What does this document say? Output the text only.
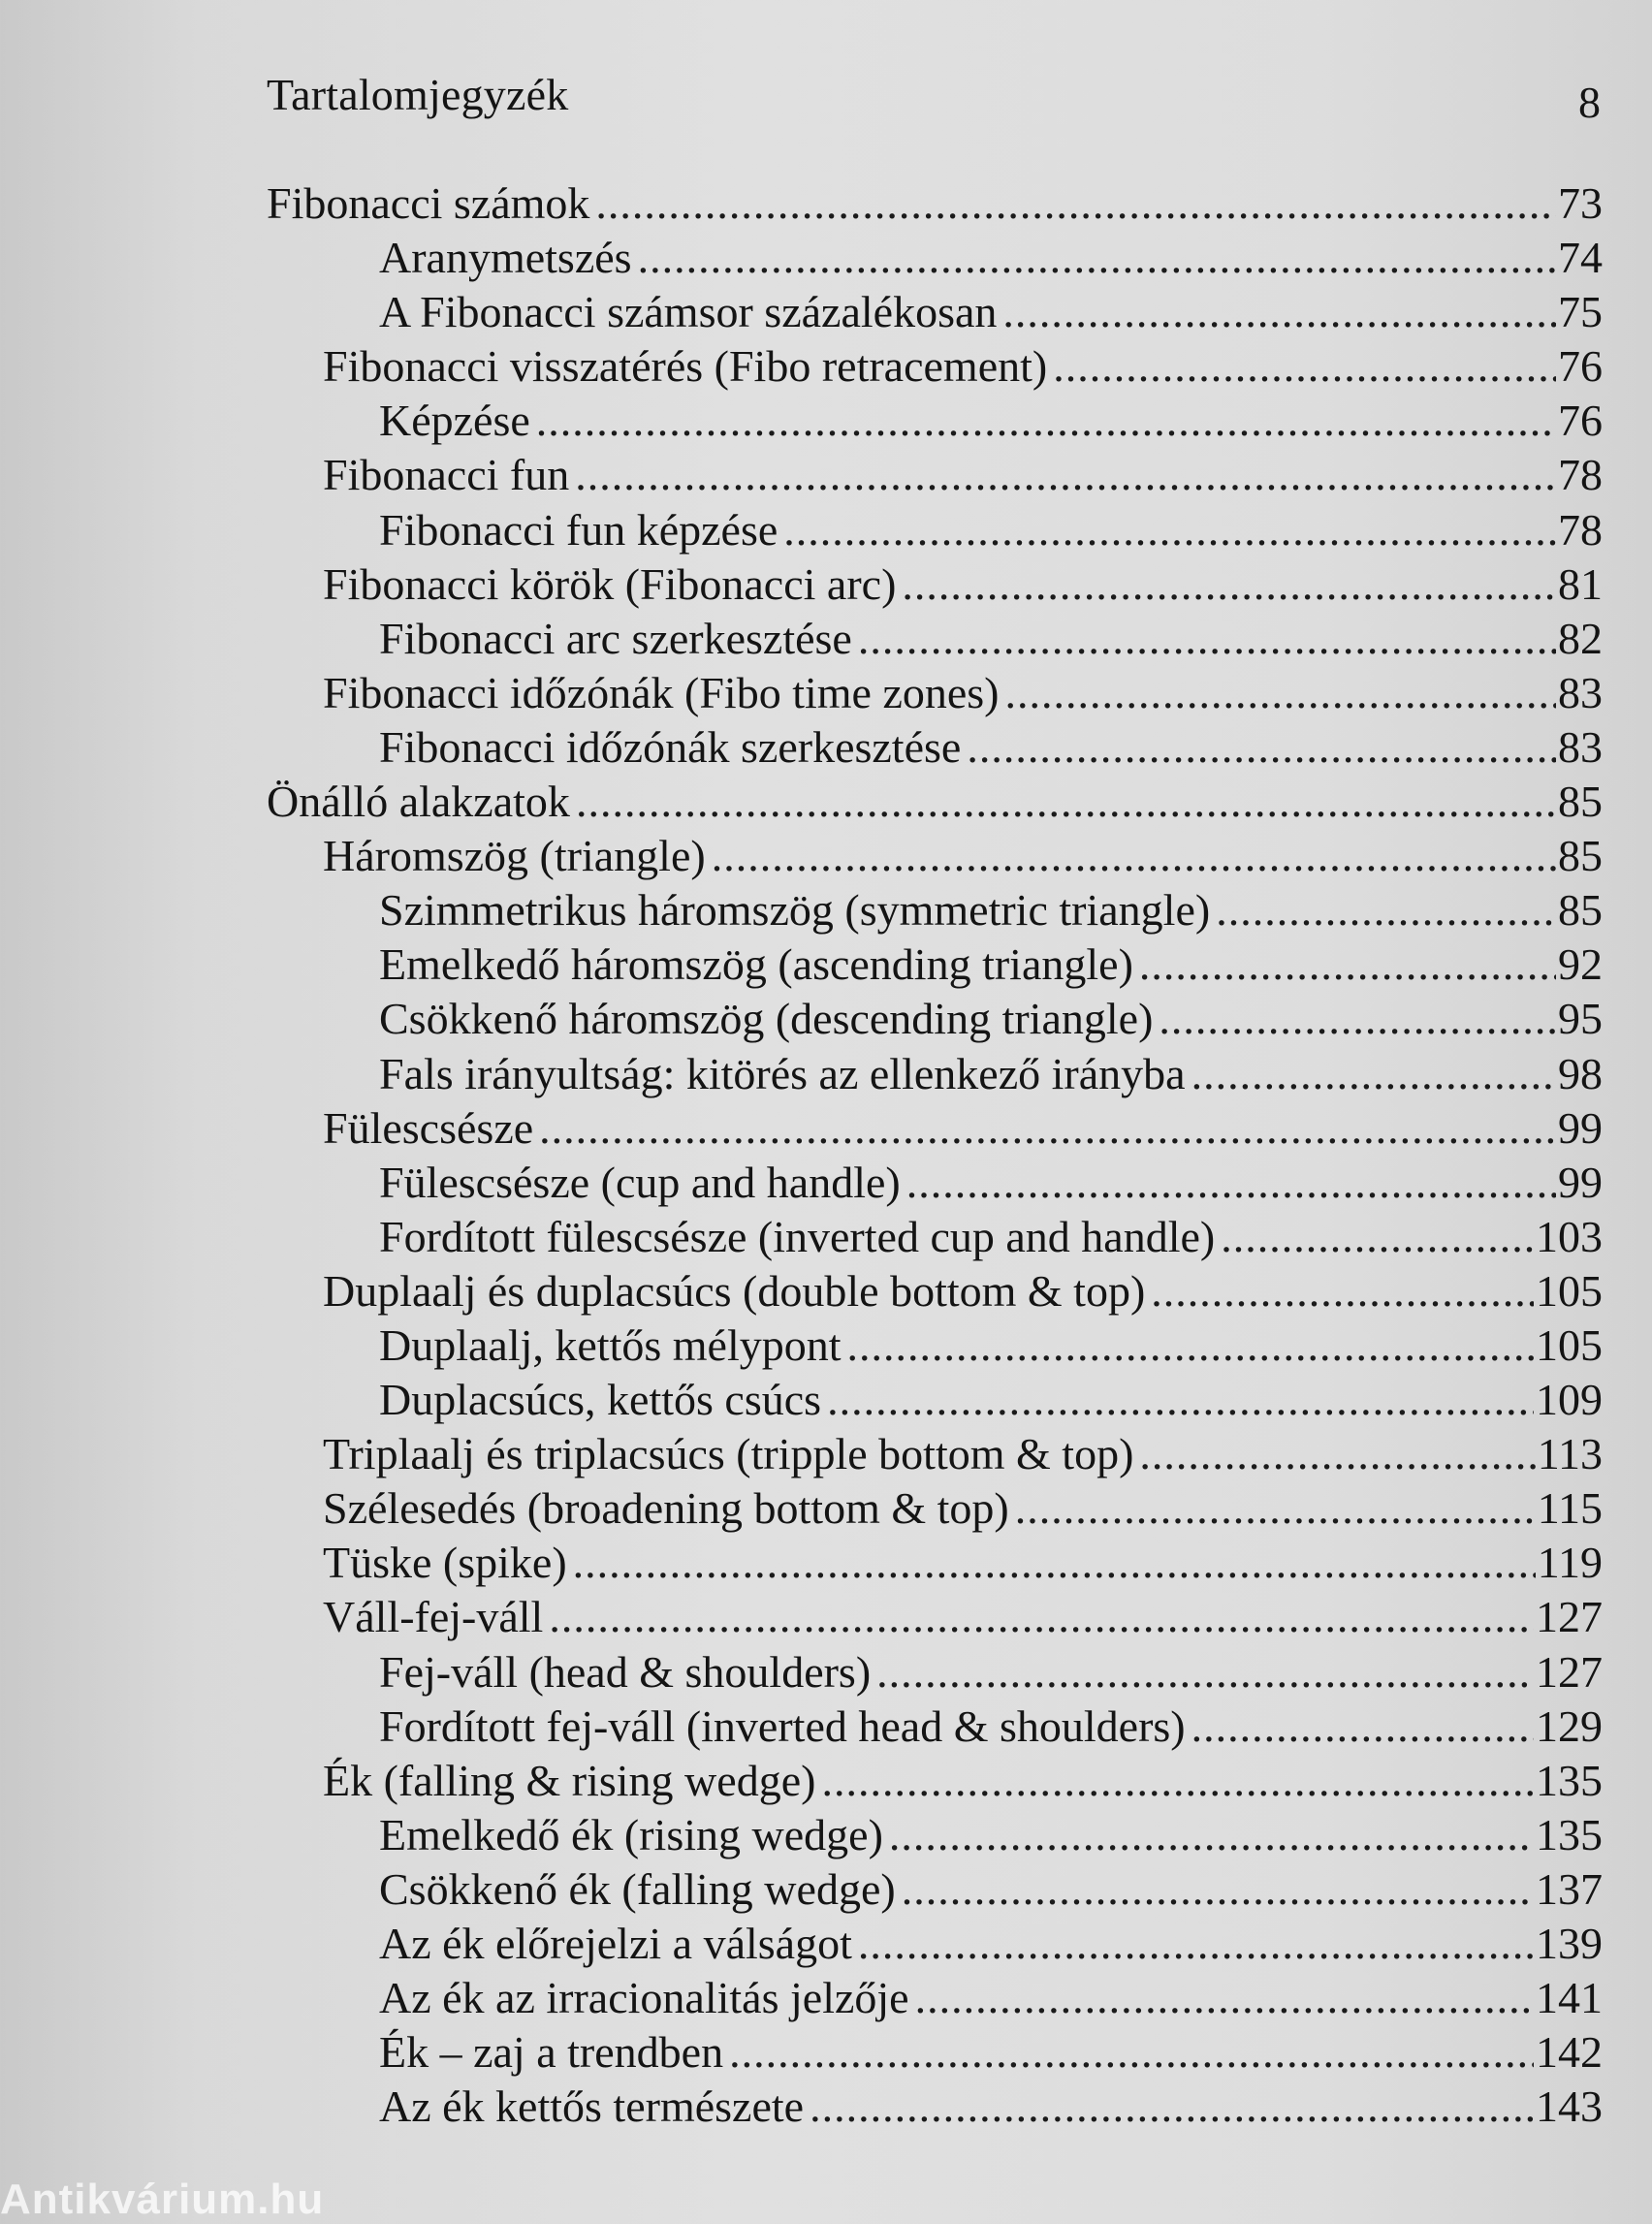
Tartalomjegyzék	8
Fibonacci számok .....	73
Aranymetszés .....	74
A Fibonacci számsor százalékosan .....	75
Fibonacci visszatérés (Fibo retracement) .....	76
Képzése .....	76
Fibonacci fun .....	78
Fibonacci fun képzése .....	78
Fibonacci körök (Fibonacci arc) .....	81
Fibonacci arc szerkesztése .....	82
Fibonacci időzónák (Fibo time zones) .....	83
Fibonacci időzónák szerkesztése .....	83
Önálló alakzatok .....	85
Háromszög (triangle) .....	85
Szimmetrikus háromszög (symmetric triangle) .....	85
Emelkedő háromszög (ascending triangle) .....	92
Csökkenő háromszög (descending triangle) .....	95
Fals irányultság: kitörés az ellenkező irányba .....	98
Fülescsésze .....	99
Fülescsésze (cup and handle) .....	99
Fordított fülescsésze (inverted cup and handle) .....	103
Duplaalj és duplacsúcs (double bottom & top) .....	105
Duplaalj, kettős mélypont .....	105
Duplacsúcs, kettős csúcs .....	109
Triplaalj és triplacsúcs (tripple bottom & top) .....	113
Szélesedés (broadening bottom & top) .....	115
Tüske (spike) .....	119
Váll-fej-váll .....	127
Fej-váll (head & shoulders) .....	127
Fordított fej-váll (inverted head & shoulders) .....	129
Ék (falling & rising wedge) .....	135
Emelkedő ék (rising wedge) .....	135
Csökkenő ék (falling wedge) .....	137
Az ék előrejelzi a válságot .....	139
Az ék az irracionalitás jelzője .....	141
Ék – zaj a trendben .....	142
Az ék kettős természete .....	143
Antikvárium.hu
